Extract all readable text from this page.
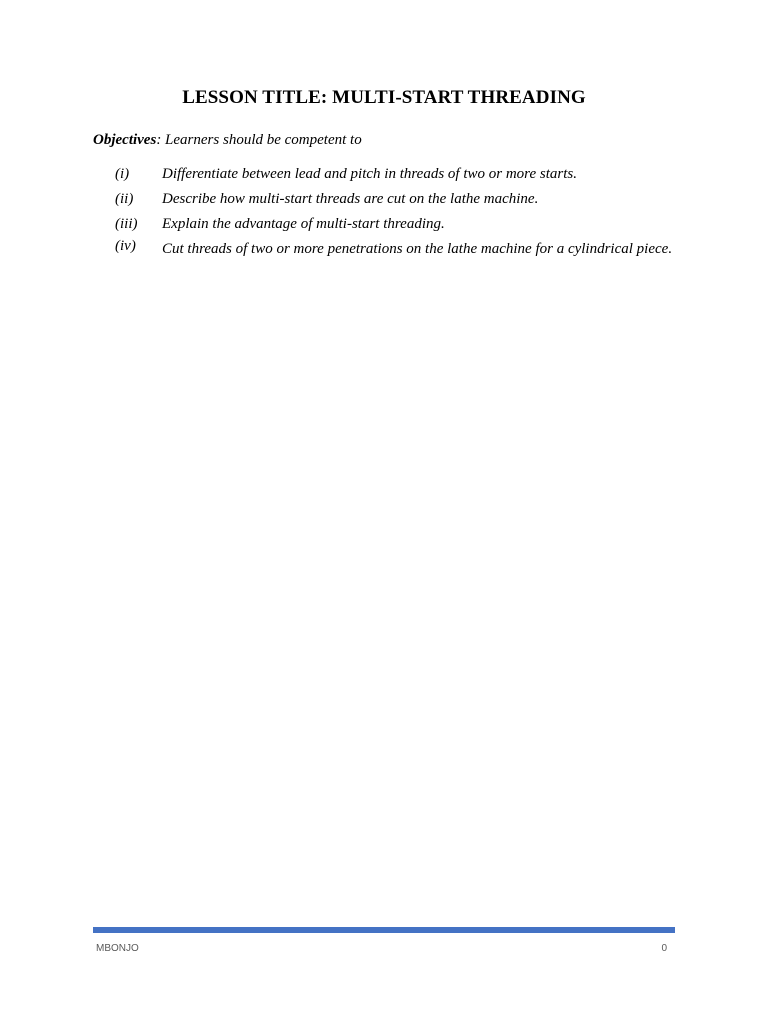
LESSON TITLE: MULTI-START THREADING

Objectives: Learners should be competent to

(i) Differentiate between lead and pitch in threads of two or more starts.
(ii) Describe how multi-start threads are cut on the lathe machine.
(iii) Explain the advantage of multi-start threading.
(iv) Cut threads of two or more penetrations on the lathe machine for a cylindrical piece.
MBONJO	0
